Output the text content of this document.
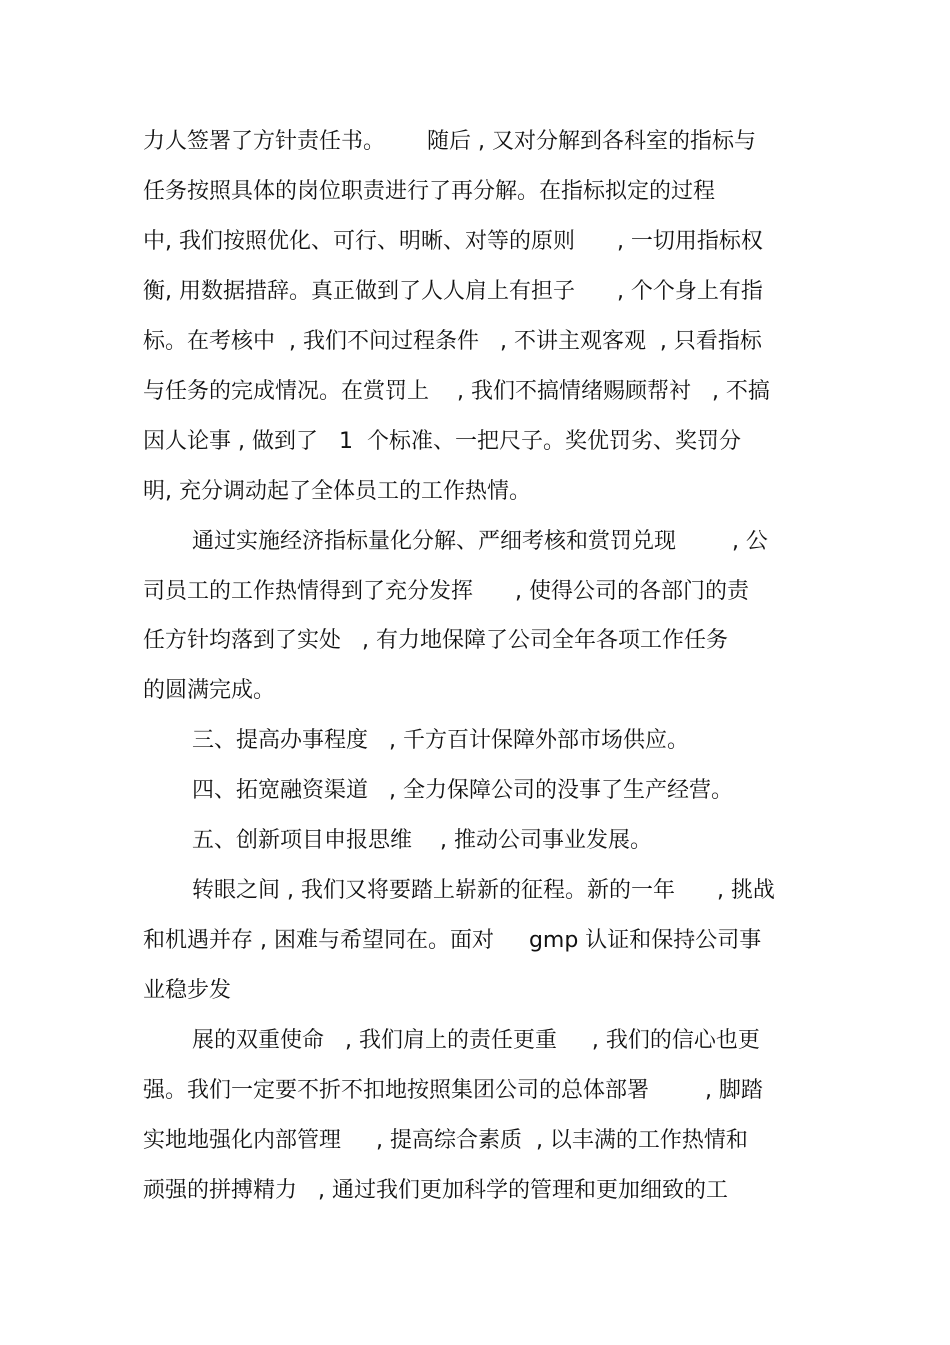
力人签署了方针责任书。      随后 , 又对分解到各科室的指标与
任务按照具体的岗位职责进行了再分解。在指标拟定的过程
中, 我们按照优化、可行、明晰、对等的原则      , 一切用指标权
衡, 用数据措辞。真正做到了人人肩上有担子      , 个个身上有指
标。在考核中  , 我们不问过程条件   , 不讲主观客观  , 只看指标
与任务的完成情况。在赏罚上    , 我们不搞情绪赐顾帮衬   , 不搞
因人论事 , 做到了   1  个标准、一把尺子。奖优罚劣、奖罚分
明, 充分调动起了全体员工的工作热情。
通过实施经济指标量化分解、严细考核和赏罚兑现        , 公
司员工的工作热情得到了充分发挥      , 使得公司的各部门的责
任方针均落到了实处   , 有力地保障了公司全年各项工作任务
的圆满完成。
三、提高办事程度   , 千方百计保障外部市场供应。
四、拓宽融资渠道   , 全力保障公司的没事了生产经营。
五、创新项目申报思维    , 推动公司事业发展。
转眼之间 , 我们又将要踏上崭新的征程。新的一年      , 挑战
和机遇并存 , 困难与希望同在。面对     gmp 认证和保持公司事
业稳步发
展的双重使命   , 我们肩上的责任更重     , 我们的信心也更
强。我们一定要不折不扣地按照集团公司的总体部署        , 脚踏
实地地强化内部管理     , 提高综合素质  , 以丰满的工作热情和
顽强的拼搏精力   , 通过我们更加科学的管理和更加细致的工
